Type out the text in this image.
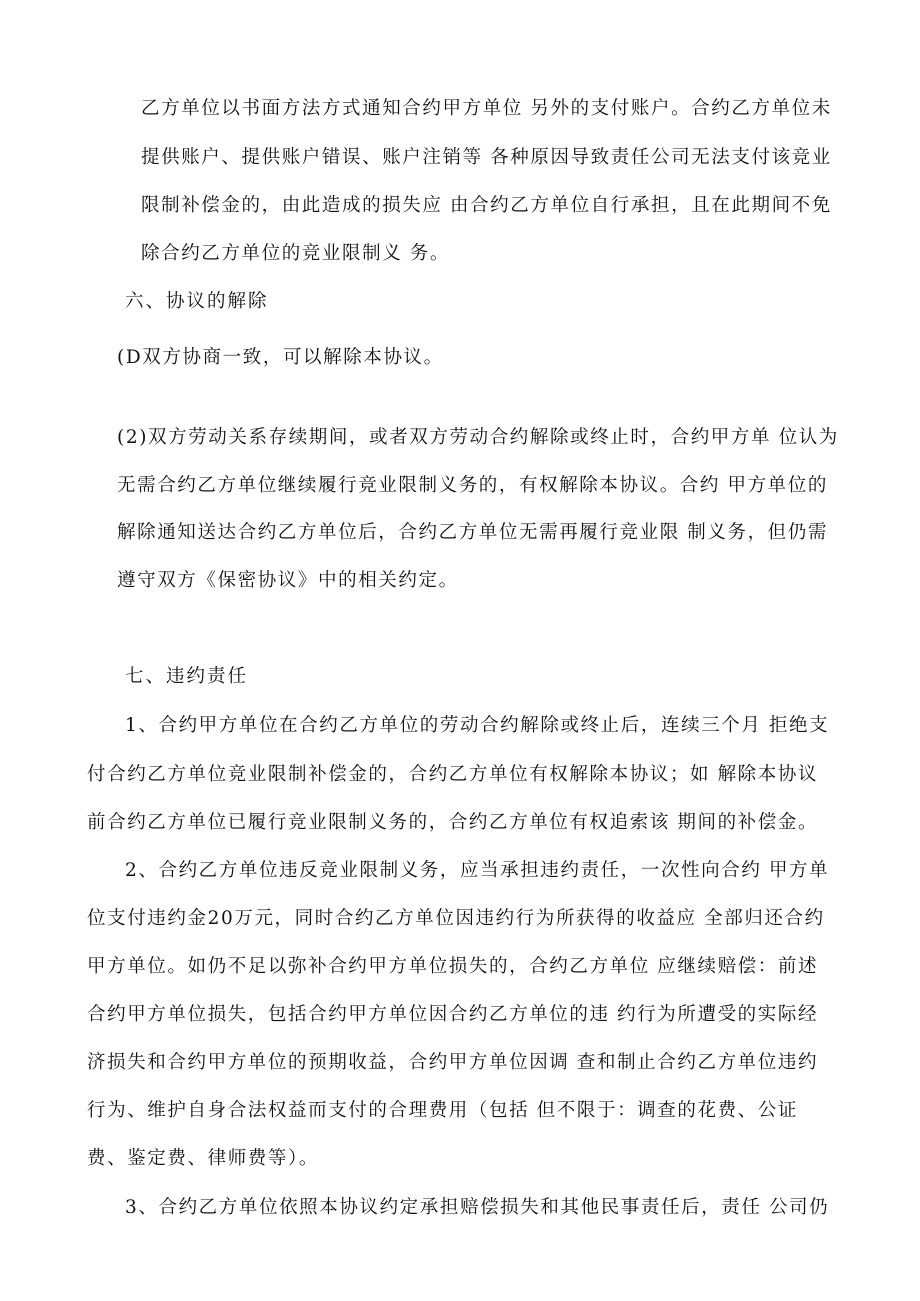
乙方单位以书面方法方式通知合约甲方单位 另外的支付账户。合约乙方单位未

提供账户、提供账户错误、账户注销等 各种原因导致责任公司无法支付该竞业

限制补偿金的，由此造成的损失应 由合约乙方单位自行承担，且在此期间不免

除合约乙方单位的竞业限制义 务。

六、协议的解除

(D双方协商一致，可以解除本协议。

(2)双方劳动关系存续期间，或者双方劳动合约解除或终止时，合约甲方单 位认为

无需合约乙方单位继续履行竞业限制义务的，有权解除本协议。合约 甲方单位的

解除通知送达合约乙方单位后，合约乙方单位无需再履行竞业限 制义务，但仍需

遵守双方《保密协议》中的相关约定。

七、违约责任

1、合约甲方单位在合约乙方单位的劳动合约解除或终止后，连续三个月 拒绝支

付合约乙方单位竞业限制补偿金的，合约乙方单位有权解除本协议；如 解除本协议

前合约乙方单位已履行竞业限制义务的，合约乙方单位有权追索该 期间的补偿金。

2、合约乙方单位违反竞业限制义务，应当承担违约责任，一次性向合约 甲方单

位支付违约金20万元，同时合约乙方单位因违约行为所获得的收益应 全部归还合约

甲方单位。如仍不足以弥补合约甲方单位损失的，合约乙方单位 应继续赔偿：前述

合约甲方单位损失，包括合约甲方单位因合约乙方单位的违 约行为所遭受的实际经

济损失和合约甲方单位的预期收益，合约甲方单位因调 查和制止合约乙方单位违约

行为、维护自身合法权益而支付的合理费用（包括 但不限于：调查的花费、公证

费、鉴定费、律师费等）。

3、合约乙方单位依照本协议约定承担赔偿损失和其他民事责任后，责任 公司仍
